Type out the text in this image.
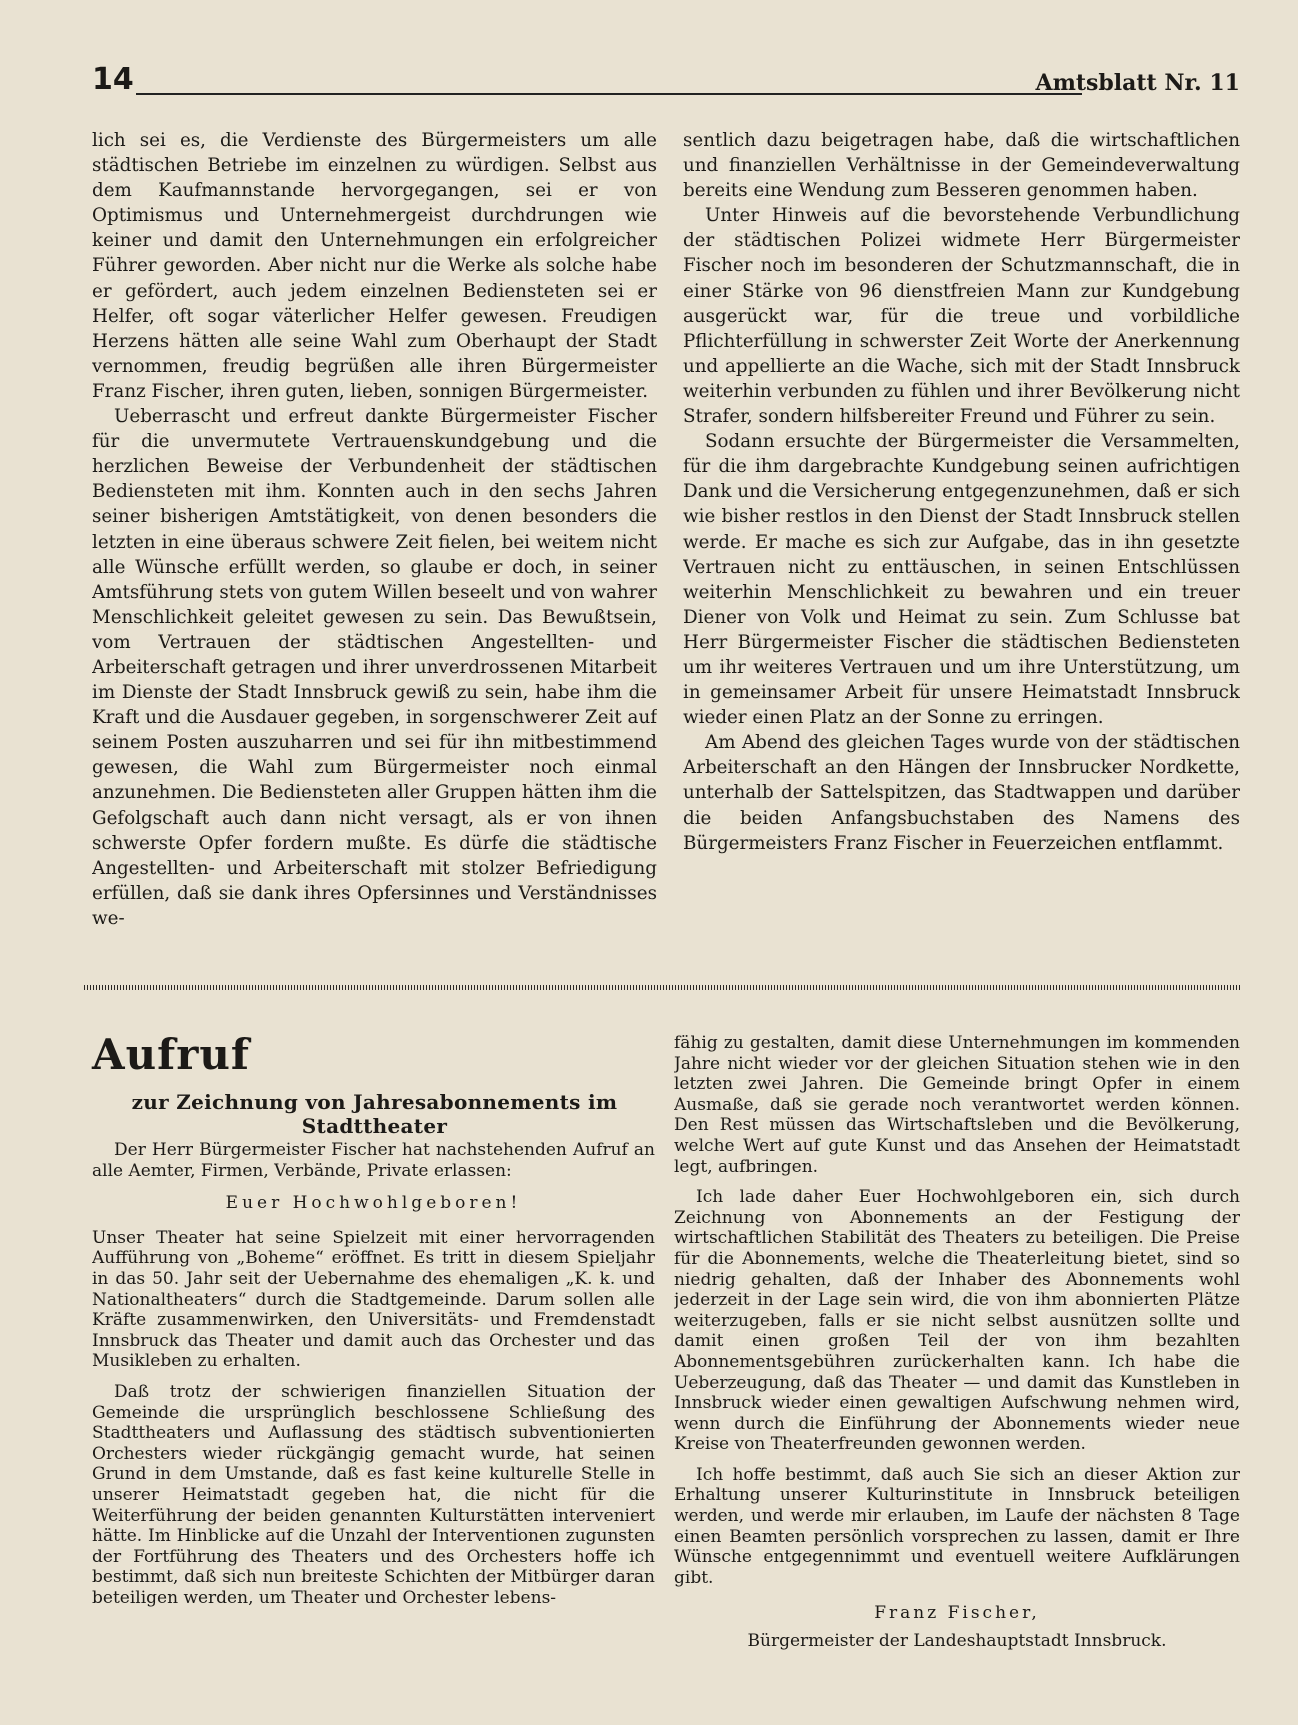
14	Amtsblatt Nr. 11

lich sei es, die Verdienste des Bürgermeisters um alle städtischen Betriebe im einzelnen zu würdigen. Selbst aus dem Kaufmannstande hervorgegangen, sei er von Optimismus und Unternehmergeist durchdrungen wie keiner und damit den Unternehmungen ein erfolgreicher Führer geworden. Aber nicht nur die Werke als solche habe er gefördert, auch jedem einzelnen Bediensteten sei er Helfer, oft sogar väterlicher Helfer gewesen. Freudigen Herzens hätten alle seine Wahl zum Oberhaupt der Stadt vernommen, freudig begrüßen alle ihren Bürgermeister Franz Fischer, ihren guten, lieben, sonnigen Bürgermeister.

Ueberrascht und erfreut dankte Bürgermeister Fischer für die unvermutete Vertrauenskundgebung und die herzlichen Beweise der Verbundenheit der städtischen Bediensteten mit ihm. Konnten auch in den sechs Jahren seiner bisherigen Amtstätigkeit, von denen besonders die letzten in eine überaus schwere Zeit fielen, bei weitem nicht alle Wünsche erfüllt werden, so glaube er doch, in seiner Amtsführung stets von gutem Willen beseelt und von wahrer Menschlichkeit geleitet gewesen zu sein. Das Bewußtsein, vom Vertrauen der städtischen Angestellten- und Arbeiterschaft getragen und ihrer unverdrossenen Mitarbeit im Dienste der Stadt Innsbruck gewiß zu sein, habe ihm die Kraft und die Ausdauer gegeben, in sorgenschwerer Zeit auf seinem Posten auszuharren und sei für ihn mitbestimmend gewesen, die Wahl zum Bürgermeister noch einmal anzunehmen. Die Bediensteten aller Gruppen hätten ihm die Gefolgschaft auch dann nicht versagt, als er von ihnen schwerste Opfer fordern mußte. Es dürfe die städtische Angestellten- und Arbeiterschaft mit stolzer Befriedigung erfüllen, daß sie dank ihres Opfersinnes und Verständnisses we-

sentlich dazu beigetragen habe, daß die wirtschaftlichen und finanziellen Verhältnisse in der Gemeindeverwaltung bereits eine Wendung zum Besseren genommen haben.

Unter Hinweis auf die bevorstehende Verbundlichung der städtischen Polizei widmete Herr Bürgermeister Fischer noch im besonderen der Schutzmannschaft, die in einer Stärke von 96 dienstfreien Mann zur Kundgebung ausgerückt war, für die treue und vorbildliche Pflichterfüllung in schwerster Zeit Worte der Anerkennung und appellierte an die Wache, sich mit der Stadt Innsbruck weiterhin verbunden zu fühlen und ihrer Bevölkerung nicht Strafer, sondern hilfsbereiter Freund und Führer zu sein.

Sodann ersuchte der Bürgermeister die Versammelten, für die ihm dargebrachte Kundgebung seinen aufrichtigen Dank und die Versicherung entgegenzunehmen, daß er sich wie bisher restlos in den Dienst der Stadt Innsbruck stellen werde. Er mache es sich zur Aufgabe, das in ihn gesetzte Vertrauen nicht zu enttäuschen, in seinen Entschlüssen weiterhin Menschlichkeit zu bewahren und ein treuer Diener von Volk und Heimat zu sein. Zum Schlusse bat Herr Bürgermeister Fischer die städtischen Bediensteten um ihr weiteres Vertrauen und um ihre Unterstützung, um in gemeinsamer Arbeit für unsere Heimatstadt Innsbruck wieder einen Platz an der Sonne zu erringen.

Am Abend des gleichen Tages wurde von der städtischen Arbeiterschaft an den Hängen der Innsbrucker Nordkette, unterhalb der Sattelspitzen, das Stadtwappen und darüber die beiden Anfangsbuchstaben des Namens des Bürgermeisters Franz Fischer in Feuerzeichen entflammt.

Aufruf
zur Zeichnung von Jahresabonnements im Stadttheater

Der Herr Bürgermeister Fischer hat nachstehenden Aufruf an alle Aemter, Firmen, Verbände, Private erlassen:

Euer Hochwohlgeboren!

Unser Theater hat seine Spielzeit mit einer hervorragenden Aufführung von „Boheme“ eröffnet. Es tritt in diesem Spieljahr in das 50. Jahr seit der Uebernahme des ehemaligen „K. k. und Nationaltheaters“ durch die Stadtgemeinde. Darum sollen alle Kräfte zusammenwirken, den Universitäts- und Fremdenstadt Innsbruck das Theater und damit auch das Orchester und das Musikleben zu erhalten.

Daß trotz der schwierigen finanziellen Situation der Gemeinde die ursprünglich beschlossene Schließung des Stadttheaters und Auflassung des städtisch subventionierten Orchesters wieder rückgängig gemacht wurde, hat seinen Grund in dem Umstande, daß es fast keine kulturelle Stelle in unserer Heimatstadt gegeben hat, die nicht für die Weiterführung der beiden genannten Kulturstätten interveniert hätte. Im Hinblicke auf die Unzahl der Interventionen zugunsten der Fortführung des Theaters und des Orchesters hoffe ich bestimmt, daß sich nun breiteste Schichten der Mitbürger daran beteiligen werden, um Theater und Orchester lebens-

fähig zu gestalten, damit diese Unternehmungen im kommenden Jahre nicht wieder vor der gleichen Situation stehen wie in den letzten zwei Jahren. Die Gemeinde bringt Opfer in einem Ausmaße, daß sie gerade noch verantwortet werden können. Den Rest müssen das Wirtschaftsleben und die Bevölkerung, welche Wert auf gute Kunst und das Ansehen der Heimatstadt legt, aufbringen.

Ich lade daher Euer Hochwohlgeboren ein, sich durch Zeichnung von Abonnements an der Festigung der wirtschaftlichen Stabilität des Theaters zu beteiligen. Die Preise für die Abonnements, welche die Theaterleitung bietet, sind so niedrig gehalten, daß der Inhaber des Abonnements wohl jederzeit in der Lage sein wird, die von ihm abonnierten Plätze weiterzugeben, falls er sie nicht selbst ausnützen sollte und damit einen großen Teil der von ihm bezahlten Abonnementsgebühren zurückerhalten kann. Ich habe die Ueberzeugung, daß das Theater — und damit das Kunstleben in Innsbruck wieder einen gewaltigen Aufschwung nehmen wird, wenn durch die Einführung der Abonnements wieder neue Kreise von Theaterfreunden gewonnen werden.

Ich hoffe bestimmt, daß auch Sie sich an dieser Aktion zur Erhaltung unserer Kulturinstitute in Innsbruck beteiligen werden, und werde mir erlauben, im Laufe der nächsten 8 Tage einen Beamten persönlich vorsprechen zu lassen, damit er Ihre Wünsche entgegennimmt und eventuell weitere Aufklärungen gibt.

Franz Fischer,
Bürgermeister der Landeshauptstadt Innsbruck.
